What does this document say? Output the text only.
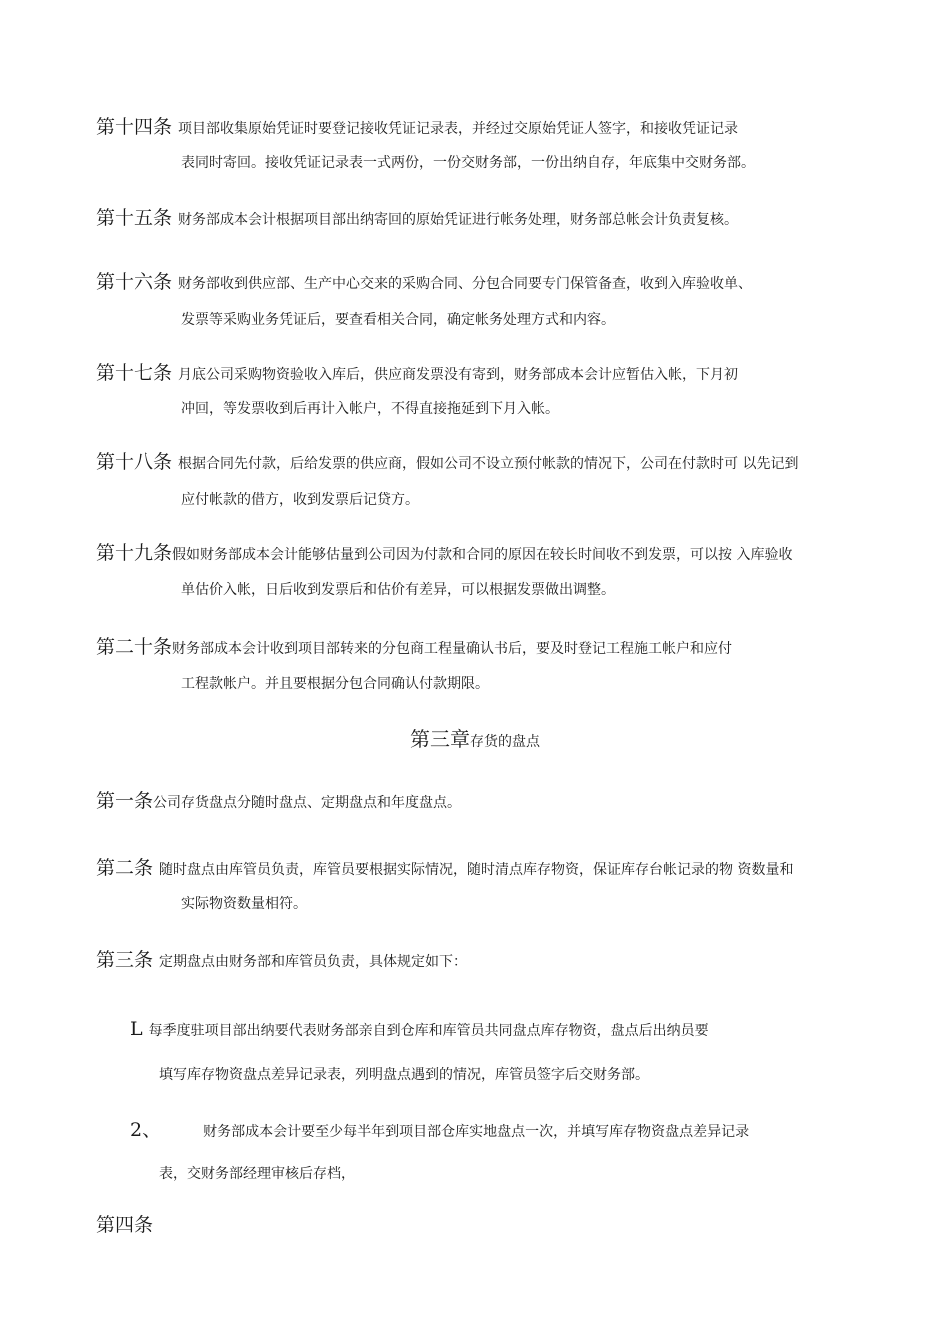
第十四条 项目部收集原始凭证时要登记接收凭证记录表，并经过交原始凭证人签字，和接收凭证记录
表同时寄回。接收凭证记录表一式两份，一份交财务部，一份出纳自存，年底集中交财务部。
第十五条 财务部成本会计根据项目部出纳寄回的原始凭证进行帐务处理，财务部总帐会计负责复核。
第十六条 财务部收到供应部、生产中心交来的采购合同、分包合同要专门保管备查，收到入库验收单、
发票等采购业务凭证后，要查看相关合同，确定帐务处理方式和内容。
第十七条 月底公司采购物资验收入库后，供应商发票没有寄到，财务部成本会计应暂估入帐，下月初
冲回，等发票收到后再计入帐户，不得直接拖延到下月入帐。
第十八条 根据合同先付款，后给发票的供应商，假如公司不设立预付帐款的情况下，公司在付款时可 以先记到
应付帐款的借方，收到发票后记贷方。
第十九条假如财务部成本会计能够估量到公司因为付款和合同的原因在较长时间收不到发票，可以按 入库验收
单估价入帐，日后收到发票后和估价有差异，可以根据发票做出调整。
第二十条财务部成本会计收到项目部转来的分包商工程量确认书后，要及时登记工程施工帐户和应付
工程款帐户。并且要根据分包合同确认付款期限。
第三章存货的盘点
第一条公司存货盘点分随时盘点、定期盘点和年度盘点。
第二条 随时盘点由库管员负责，库管员要根据实际情况，随时清点库存物资，保证库存台帐记录的物 资数量和
实际物资数量相符。
第三条 定期盘点由财务部和库管员负责，具体规定如下：
L 每季度驻项目部出纳要代表财务部亲自到仓库和库管员共同盘点库存物资，盘点后出纳员要
填写库存物资盘点差异记录表，列明盘点遇到的情况，库管员签字后交财务部。
2、	财务部成本会计要至少每半年到项目部仓库实地盘点一次，并填写库存物资盘点差异记录
表，交财务部经理审核后存档，
第四条
